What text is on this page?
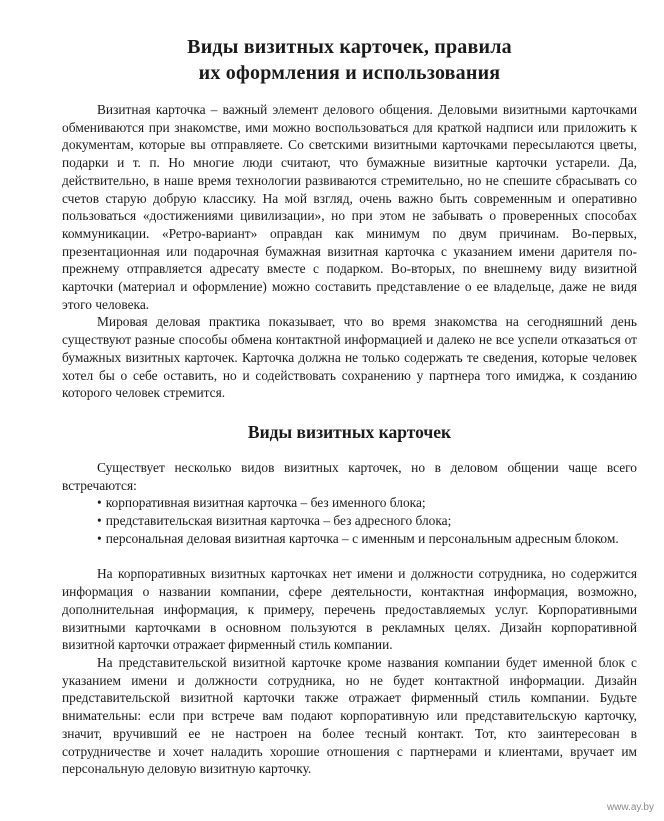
Виды визитных карточек, правила
их оформления и использования

Визитная карточка – важный элемент делового общения. Деловыми визитными карточками обмениваются при знакомстве, ими можно воспользоваться для краткой надписи или приложить к документам, которые вы отправляете. Со светскими визитными карточками пересылаются цветы, подарки и т. п. Но многие люди считают, что бумажные визитные карточки устарели. Да, действительно, в наше время технологии развиваются стремительно, но не спешите сбрасывать со счетов старую добрую классику. На мой взгляд, очень важно быть современным и оперативно пользоваться «достижениями цивилизации», но при этом не забывать о проверенных способах коммуникации. «Ретро-вариант» оправдан как минимум по двум причинам. Во-первых, презентационная или подарочная бумажная визитная карточка с указанием имени дарителя по-прежнему отправляется адресату вместе с подарком. Во-вторых, по внешнему виду визитной карточки (материал и оформление) можно составить представление о ее владельце, даже не видя этого человека.

Мировая деловая практика показывает, что во время знакомства на сегодняшний день существуют разные способы обмена контактной информацией и далеко не все успели отказаться от бумажных визитных карточек. Карточка должна не только содержать те сведения, которые человек хотел бы о себе оставить, но и содействовать сохранению у партнера того имиджа, к созданию которого человек стремится.

Виды визитных карточек

Существует несколько видов визитных карточек, но в деловом общении чаще всего встречаются:

• корпоративная визитная карточка – без именного блока;
• представительская визитная карточка – без адресного блока;
• персональная деловая визитная карточка – с именным и персональным адресным блоком.

На корпоративных визитных карточках нет имени и должности сотрудника, но содержится информация о названии компании, сфере деятельности, контактная информация, возможно, дополнительная информация, к примеру, перечень предоставляемых услуг. Корпоративными визитными карточками в основном пользуются в рекламных целях. Дизайн корпоративной визитной карточки отражает фирменный стиль компании.

На представительской визитной карточке кроме названия компании будет именной блок с указанием имени и должности сотрудника, но не будет контактной информации. Дизайн представительской визитной карточки также отражает фирменный стиль компании. Будьте внимательны: если при встрече вам подают корпоративную или представительскую карточку, значит, вручивший ее не настроен на более тесный контакт. Тот, кто заинтересован в сотрудничестве и хочет наладить хорошие отношения с партнерами и клиентами, вручает им персональную деловую визитную карточку.

www.ay.by
